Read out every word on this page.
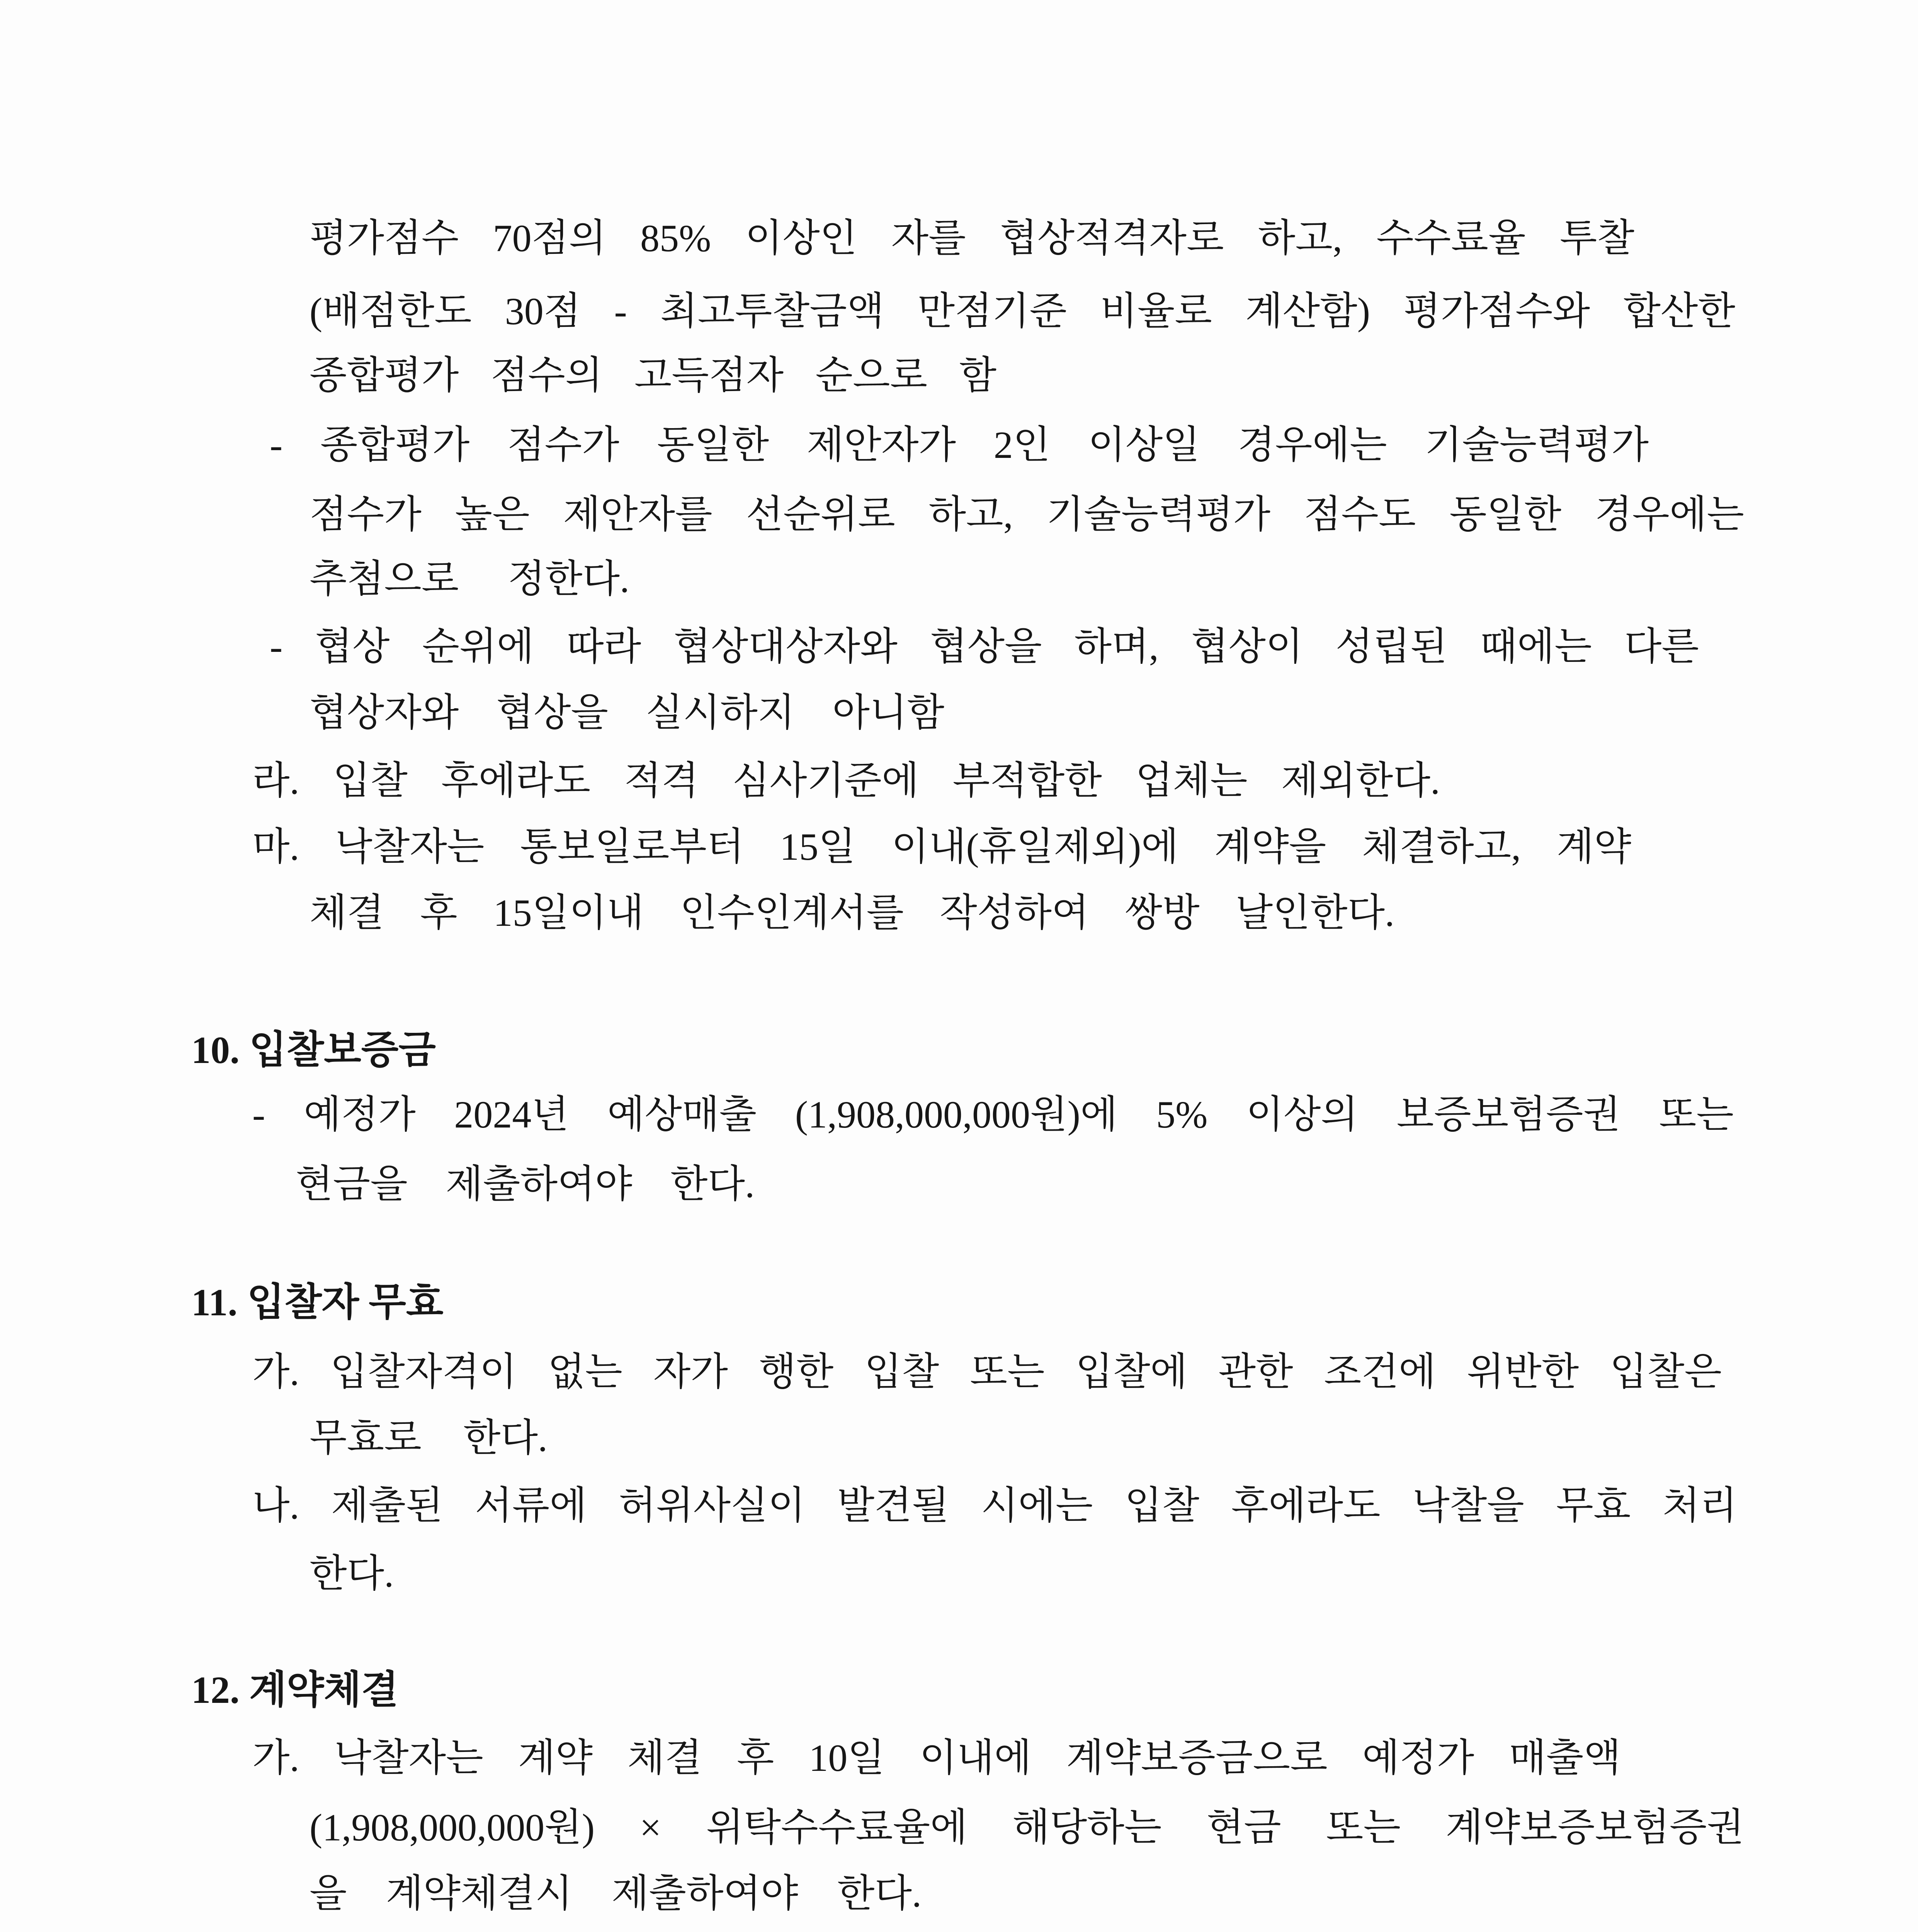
평가점수 70점의 85% 이상인 자를 협상적격자로 하고, 수수료율 투찰
(배점한도 30점 - 최고투찰금액 만점기준 비율로 계산함) 평가점수와 합산한
종합평가 점수의 고득점자 순으로 함
- 종합평가 점수가 동일한 제안자가 2인 이상일 경우에는 기술능력평가
점수가 높은 제안자를 선순위로 하고, 기술능력평가 점수도 동일한 경우에는
추첨으로 정한다.
- 협상 순위에 따라 협상대상자와 협상을 하며, 협상이 성립된 때에는 다른
협상자와 협상을 실시하지 아니함
라. 입찰 후에라도 적격 심사기준에 부적합한 업체는 제외한다.
마. 낙찰자는 통보일로부터 15일 이내(휴일제외)에 계약을 체결하고, 계약
체결 후 15일이내 인수인계서를 작성하여 쌍방 날인한다.
10. 입찰보증금
- 예정가 2024년 예상매출 (1,908,000,000원)에 5% 이상의 보증보험증권 또는
현금을 제출하여야 한다.
11. 입찰자 무효
가. 입찰자격이 없는 자가 행한 입찰 또는 입찰에 관한 조건에 위반한 입찰은
무효로 한다.
나. 제출된 서류에 허위사실이 발견될 시에는 입찰 후에라도 낙찰을 무효 처리
한다.
12. 계약체결
가. 낙찰자는 계약 체결 후 10일 이내에 계약보증금으로 예정가 매출액
(1,908,000,000원) × 위탁수수료율에 해당하는 현금 또는 계약보증보험증권
을 계약체결시 제출하여야 한다.
